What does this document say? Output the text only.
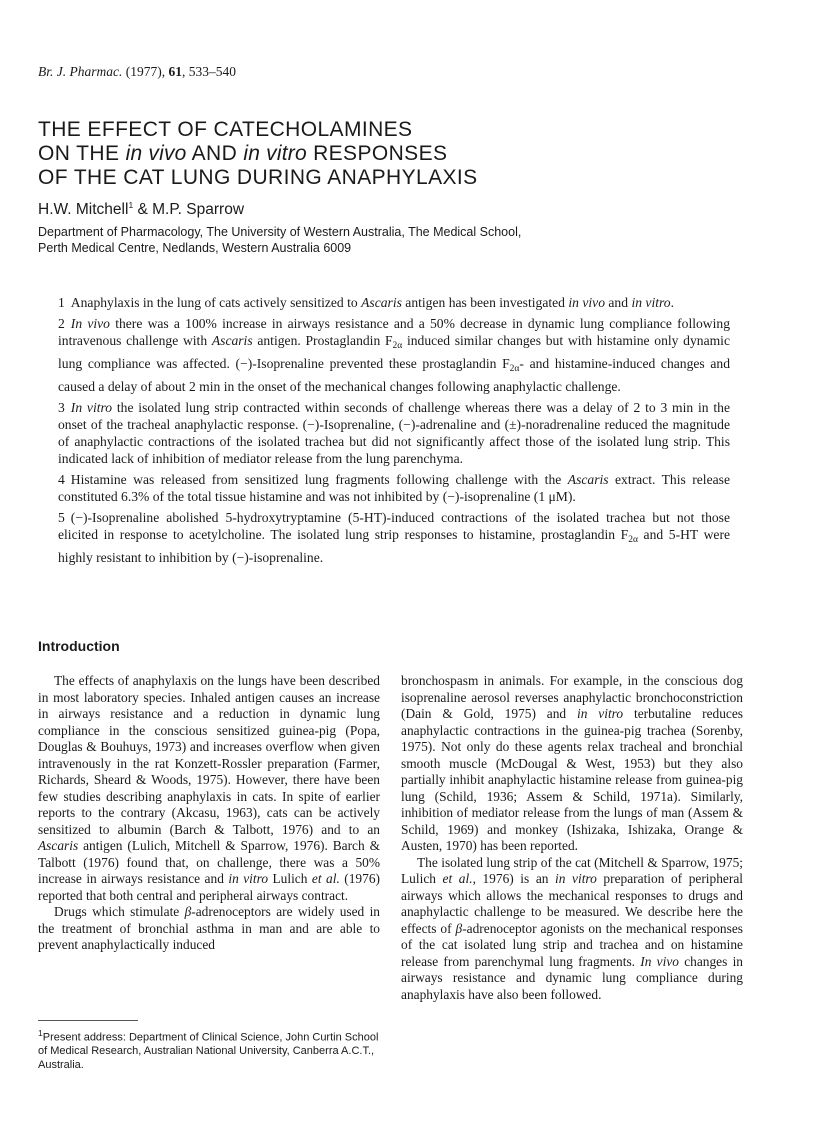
Br. J. Pharmac. (1977), 61, 533–540
THE EFFECT OF CATECHOLAMINES
ON THE in vivo AND in vitro RESPONSES
OF THE CAT LUNG DURING ANAPHYLAXIS
H.W. Mitchell$^1$ & M.P. Sparrow
Department of Pharmacology, The University of Western Australia, The Medical School,
Perth Medical Centre, Nedlands, Western Australia 6009

1 Anaphylaxis in the lung of cats actively sensitized to Ascaris antigen has been investigated in vivo and in vitro.

2 In vivo there was a 100% increase in airways resistance and a 50% decrease in dynamic lung compliance following intravenous challenge with Ascaris antigen. Prostaglandin $F_{2\alpha}$ induced similar changes but with histamine only dynamic lung compliance was affected. (−)-Isoprenaline prevented these prostaglandin $F_{2\alpha}-$ and histamine-induced changes and caused a delay of about 2 min in the onset of the mechanical changes following anaphylactic challenge.

3 In vitro the isolated lung strip contracted within seconds of challenge whereas there was a delay of 2 to 3 min in the onset of the tracheal anaphylactic response. (−)-Isoprenaline, (−)-adrenaline and (±)-noradrenaline reduced the magnitude of anaphylactic contractions of the isolated trachea but did not significantly affect those of the isolated lung strip. This indicated lack of inhibition of mediator release from the lung parenchyma.

4 Histamine was released from sensitized lung fragments following challenge with the Ascaris extract. This release constituted 6.3% of the total tissue histamine and was not inhibited by (−)-isoprenaline (1 μM).

5 (−)-Isoprenaline abolished 5-hydroxytryptamine (5-HT)-induced contractions of the isolated trachea but not those elicited in response to acetylcholine. The isolated lung strip responses to histamine, prostaglandin $F_{2\alpha}$ and 5-HT were highly resistant to inhibition by (−)-isoprenaline.

Introduction

The effects of anaphylaxis on the lungs have been described in most laboratory species. Inhaled antigen causes an increase in airways resistance and a reduction in dynamic lung compliance in the conscious sensitized guinea-pig (Popa, Douglas & Bouhuys, 1973) and increases overflow when given intravenously in the rat Konzett-Rossler preparation (Farmer, Richards, Sheard & Woods, 1975). However, there have been few studies describing anaphylaxis in cats. In spite of earlier reports to the contrary (Akcasu, 1963), cats can be actively sensitized to albumin (Barch & Talbott, 1976) and to an Ascaris antigen (Lulich, Mitchell & Sparrow, 1976). Barch & Talbott (1976) found that, on challenge, there was a 50% increase in airways resistance and in vitro Lulich et al. (1976) reported that both central and peripheral airways contract.

Drugs which stimulate β-adrenoceptors are widely used in the treatment of bronchial asthma in man and are able to prevent anaphylactically induced

$^1$Present address: Department of Clinical Science, John Curtin School of Medical Research, Australian National University, Canberra A.C.T., Australia.

bronchospasm in animals. For example, in the conscious dog isoprenaline aerosol reverses anaphylactic bronchoconstriction (Dain & Gold, 1975) and in vitro terbutaline reduces anaphylactic contractions in the guinea-pig trachea (Sorenby, 1975). Not only do these agents relax tracheal and bronchial smooth muscle (McDougal & West, 1953) but they also partially inhibit anaphylactic histamine release from guinea-pig lung (Schild, 1936; Assem & Schild, 1971a). Similarly, inhibition of mediator release from the lungs of man (Assem & Schild, 1969) and monkey (Ishizaka, Ishizaka, Orange & Austen, 1970) has been reported.

The isolated lung strip of the cat (Mitchell & Sparrow, 1975; Lulich et al., 1976) is an in vitro preparation of peripheral airways which allows the mechanical responses to drugs and anaphylactic challenge to be measured. We describe here the effects of β-adrenoceptor agonists on the mechanical responses of the cat isolated lung strip and trachea and on histamine release from parenchymal lung fragments. In vivo changes in airways resistance and dynamic lung compliance during anaphylaxis have also been followed.
